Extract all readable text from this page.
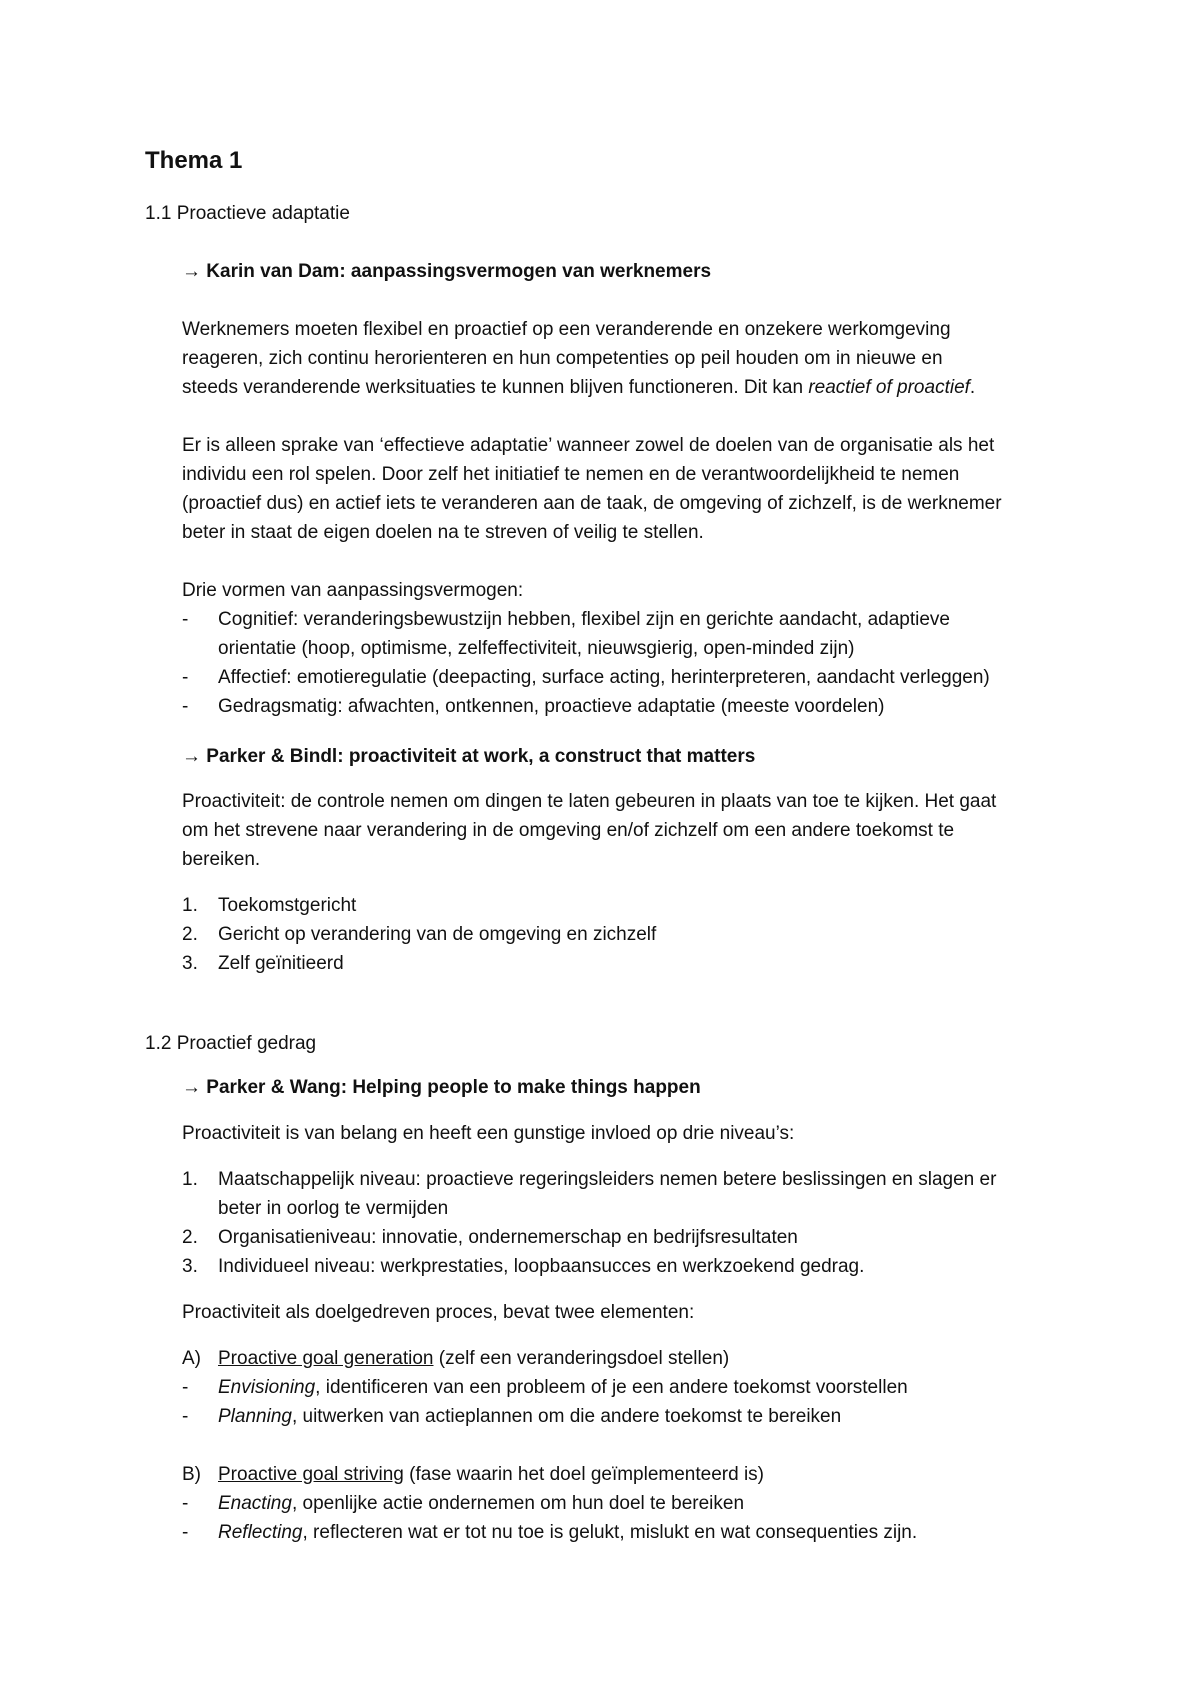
Thema 1
1.1 Proactieve adaptatie
→ Karin van Dam: aanpassingsvermogen van werknemers
Werknemers moeten flexibel en proactief op een veranderende en onzekere werkomgeving
reageren, zich continu herorienteren en hun competenties op peil houden om in nieuwe en
steeds veranderende werksituaties te kunnen blijven functioneren. Dit kan reactief of proactief.
Er is alleen sprake van ‘effectieve adaptatie’ wanneer zowel de doelen van de organisatie als het
individu een rol spelen. Door zelf het initiatief te nemen en de verantwoordelijkheid te nemen
(proactief dus) en actief iets te veranderen aan de taak, de omgeving of zichzelf, is de werknemer
beter in staat de eigen doelen na te streven of veilig te stellen.
Drie vormen van aanpassingsvermogen:
- Cognitief: veranderingsbewustzijn hebben, flexibel zijn en gerichte aandacht, adaptieve
orientatie (hoop, optimisme, zelfeffectiviteit, nieuwsgierig, open-minded zijn)
- Affectief: emotieregulatie (deepacting, surface acting, herinterpreteren, aandacht verleggen)
- Gedragsmatig: afwachten, ontkennen, proactieve adaptatie (meeste voordelen)
→ Parker & Bindl: proactiviteit at work, a construct that matters
Proactiviteit: de controle nemen om dingen te laten gebeuren in plaats van toe te kijken. Het gaat
om het strevene naar verandering in de omgeving en/of zichzelf om een andere toekomst te
bereiken.
1. Toekomstgericht
2. Gericht op verandering van de omgeving en zichzelf
3. Zelf geïnitieerd
1.2 Proactief gedrag
→ Parker & Wang: Helping people to make things happen
Proactiviteit is van belang en heeft een gunstige invloed op drie niveau’s:
1. Maatschappelijk niveau: proactieve regeringsleiders nemen betere beslissingen en slagen er
beter in oorlog te vermijden
2. Organisatieniveau: innovatie, ondernemerschap en bedrijfsresultaten
3. Individueel niveau: werkprestaties, loopbaansucces en werkzoekend gedrag.
Proactiviteit als doelgedreven proces, bevat twee elementen:
A) Proactive goal generation (zelf een veranderingsdoel stellen)
- Envisioning, identificeren van een probleem of je een andere toekomst voorstellen
- Planning, uitwerken van actieplannen om die andere toekomst te bereiken
B) Proactive goal striving (fase waarin het doel geïmplementeerd is)
- Enacting, openlijke actie ondernemen om hun doel te bereiken
- Reflecting, reflecteren wat er tot nu toe is gelukt, mislukt en wat consequenties zijn.
